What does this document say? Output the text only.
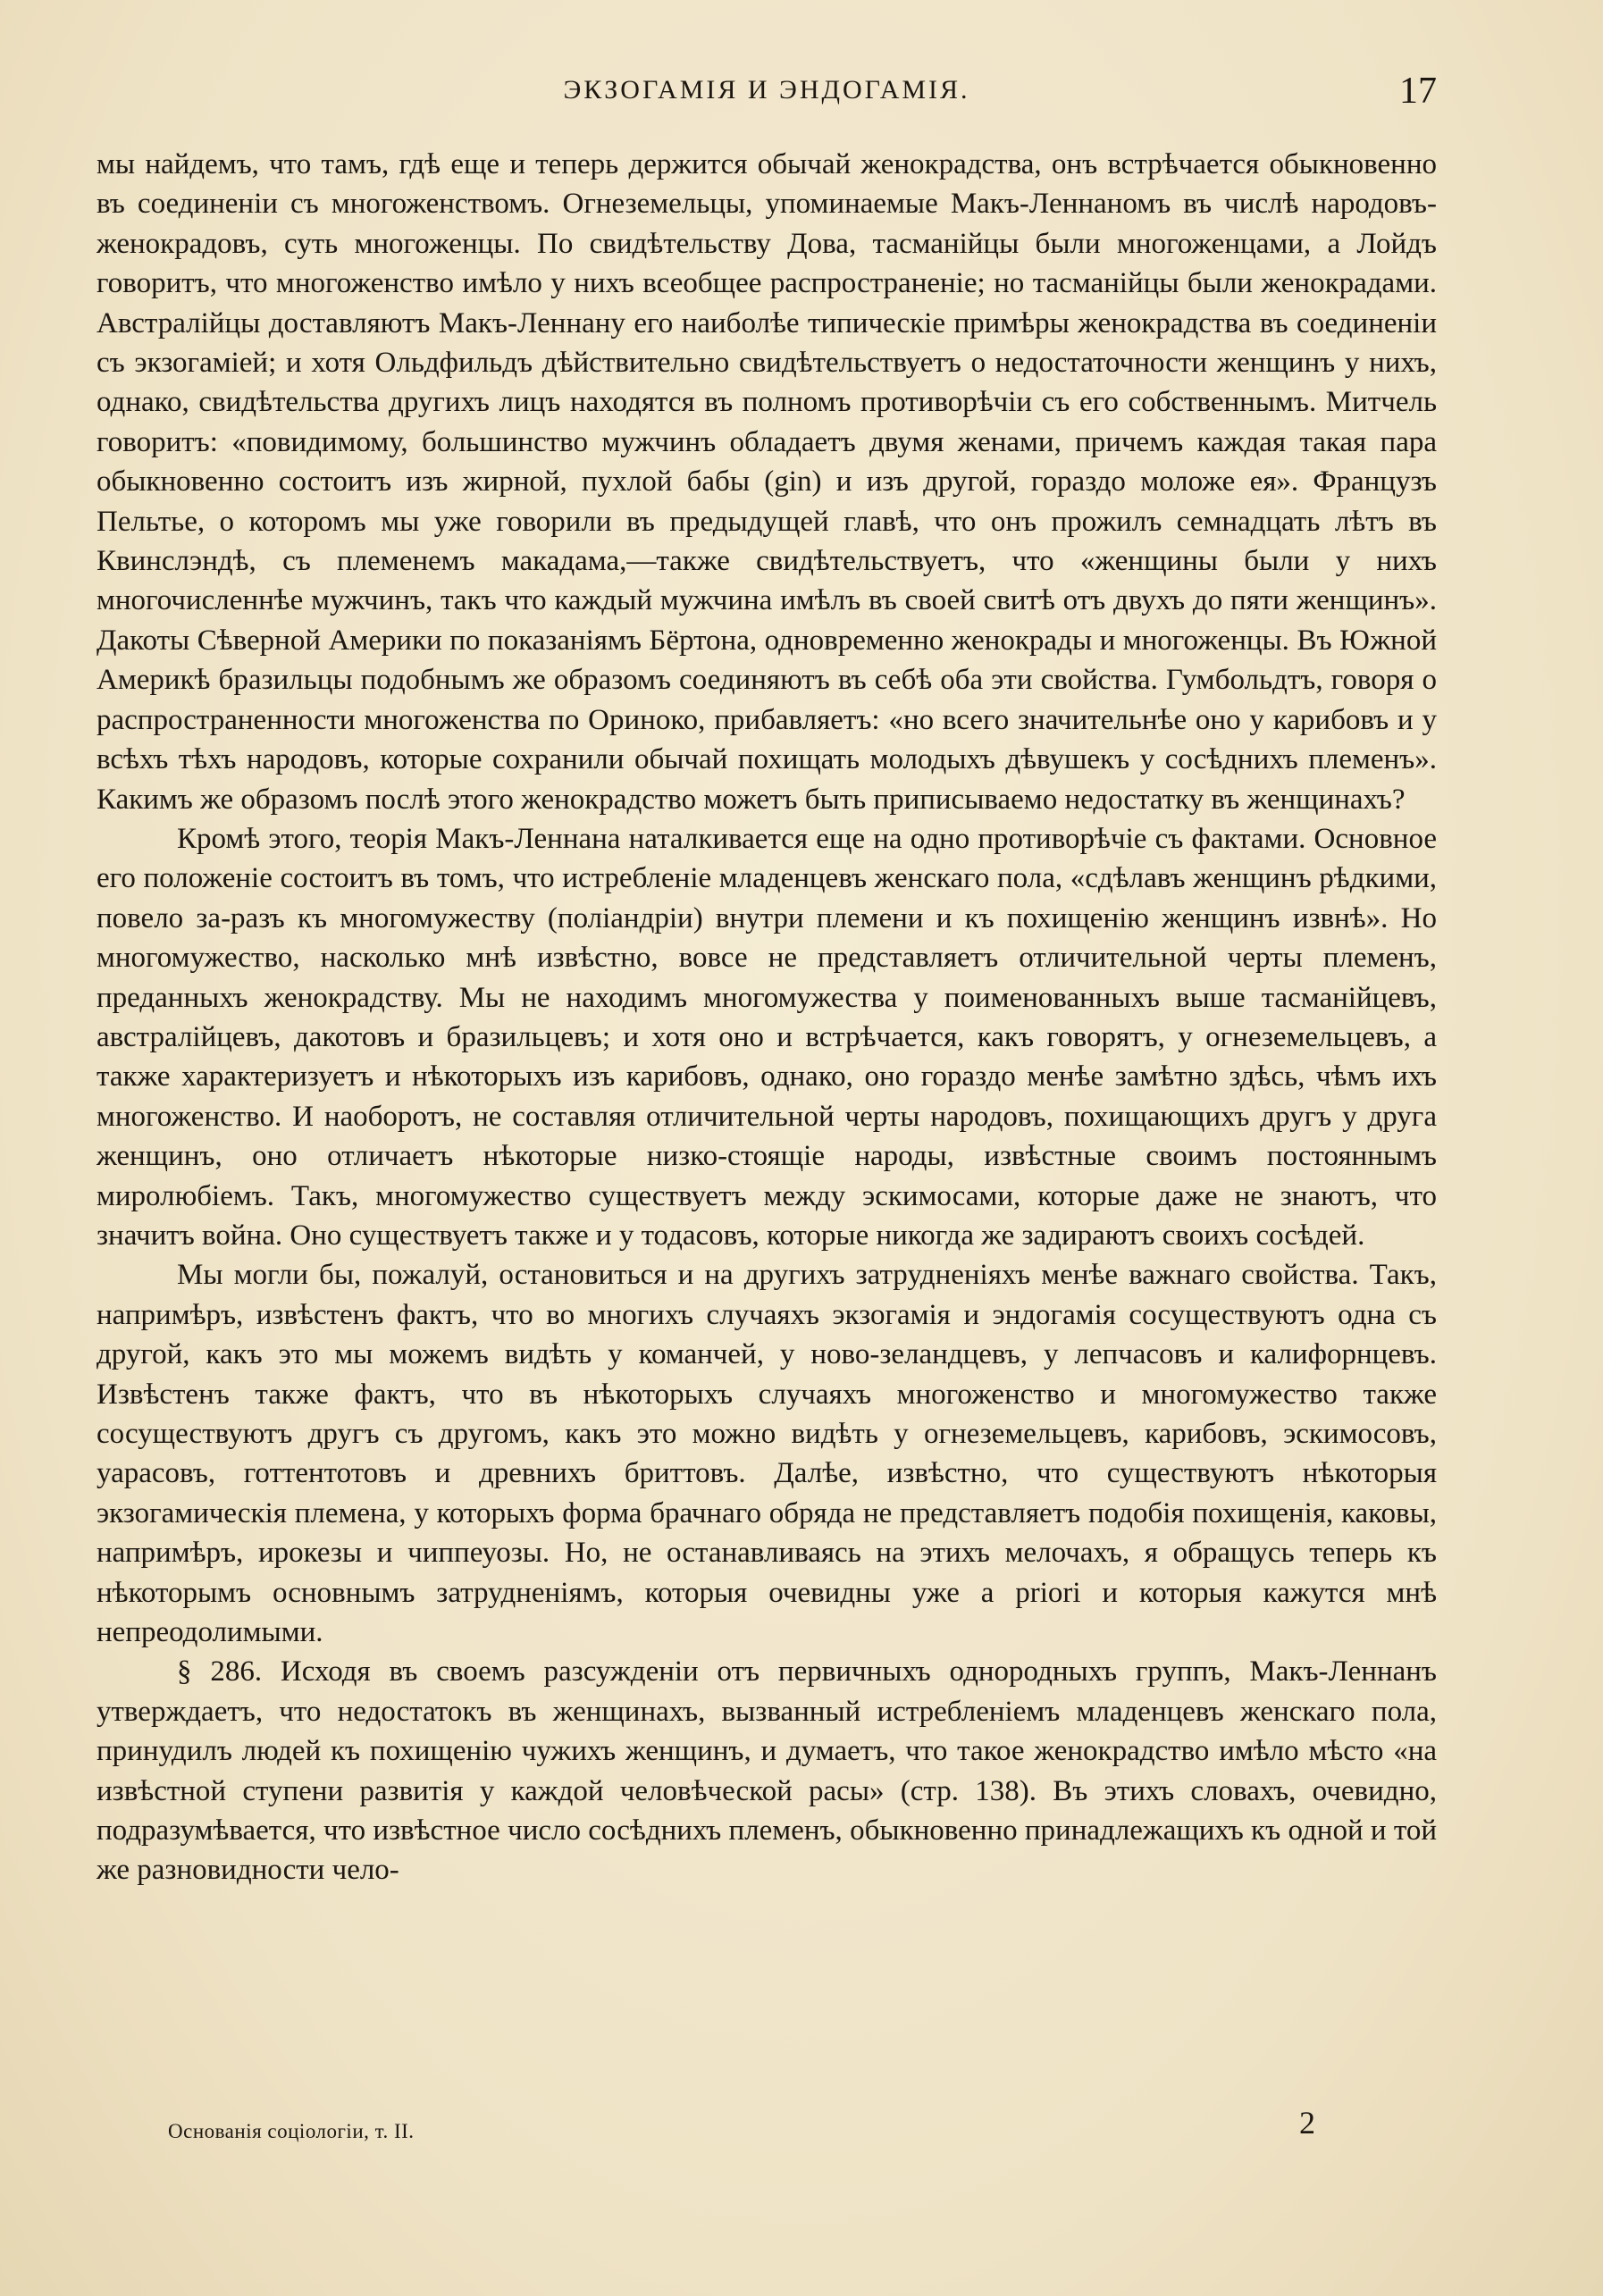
ЭКЗОГАМІЯ И ЭНДОГАМІЯ.	17

мы найдемъ, что тамъ, гдѣ еще и теперь держится обычай женокрадства, онъ встрѣчается обыкновенно въ соединеніи съ многоженствомъ. Огнеземельцы, упоминаемые Макъ-Леннаномъ въ числѣ народовъ-женокрадовъ, суть многоженцы. По свидѣтельству Дова, тасманійцы были многоженцами, а Лойдъ говоритъ, что многоженство имѣло у нихъ всеобщее распространеніе; но тасманійцы были женокрадами. Австралійцы доставляютъ Макъ-Леннану его наиболѣе типическіе примѣры женокрадства въ соединеніи съ экзогаміей; и хотя Ольдфильдъ дѣйствительно свидѣтельствуетъ о недостаточности женщинъ у нихъ, однако, свидѣтельства другихъ лицъ находятся въ полномъ противорѣчіи съ его собственнымъ. Митчель говоритъ: «повидимому, большинство мужчинъ обладаетъ двумя женами, причемъ каждая такая пара обыкновенно состоитъ изъ жирной, пухлой бабы (gin) и изъ другой, гораздо моложе ея». Французъ Пельтье, о которомъ мы уже говорили въ предыдущей главѣ, что онъ прожилъ семнадцать лѣтъ въ Квинслэндѣ, съ племенемъ макадама,—также свидѣтельствуетъ, что «женщины были у нихъ многочисленнѣе мужчинъ, такъ что каждый мужчина имѣлъ въ своей свитѣ отъ двухъ до пяти женщинъ». Дакоты Сѣверной Америки по показаніямъ Бёртона, одновременно женокрады и многоженцы. Въ Южной Америкѣ бразильцы подобнымъ же образомъ соединяютъ въ себѣ оба эти свойства. Гумбольдтъ, говоря о распространенности многоженства по Ориноко, прибавляетъ: «но всего значительнѣе оно у карибовъ и у всѣхъ тѣхъ народовъ, которые сохранили обычай похищать молодыхъ дѣвушекъ у сосѣднихъ племенъ». Какимъ же образомъ послѣ этого женокрадство можетъ быть приписываемо недостатку въ женщинахъ?

Кромѣ этого, теорія Макъ-Леннана наталкивается еще на одно противорѣчіе съ фактами. Основное его положеніе состоитъ въ томъ, что истребленіе младенцевъ женскаго пола, «сдѣлавъ женщинъ рѣдкими, повело за-разъ къ многомужеству (поліандріи) внутри племени и къ похищенію женщинъ извнѣ». Но многомужество, насколько мнѣ извѣстно, вовсе не представляетъ отличительной черты племенъ, преданныхъ женокрадству. Мы не находимъ многомужества у поименованныхъ выше тасманійцевъ, австралійцевъ, дакотовъ и бразильцевъ; и хотя оно и встрѣчается, какъ говорятъ, у огнеземельцевъ, а также характеризуетъ и нѣкоторыхъ изъ карибовъ, однако, оно гораздо менѣе замѣтно здѣсь, чѣмъ ихъ многоженство. И наоборотъ, не составляя отличительной черты народовъ, похищающихъ другъ у друга женщинъ, оно отличаетъ нѣкоторые низко-стоящіе народы, извѣстные своимъ постояннымъ миролюбіемъ. Такъ, многомужество существуетъ между эскимосами, которые даже не знаютъ, что значитъ война. Оно существуетъ также и у тодасовъ, которые никогда же задираютъ своихъ сосѣдей.

Мы могли бы, пожалуй, остановиться и на другихъ затрудненіяхъ менѣе важнаго свойства. Такъ, напримѣръ, извѣстенъ фактъ, что во многихъ случаяхъ экзогамія и эндогамія сосуществуютъ одна съ другой, какъ это мы можемъ видѣть у команчей, у ново-зеландцевъ, у лепчасовъ и калифорнцевъ. Извѣстенъ также фактъ, что въ нѣкоторыхъ случаяхъ многоженство и многомужество также сосуществуютъ другъ съ другомъ, какъ это можно видѣть у огнеземельцевъ, карибовъ, эскимосовъ, уарасовъ, готтентотовъ и древнихъ бриттовъ. Далѣе, извѣстно, что существуютъ нѣкоторыя экзогамическія племена, у которыхъ форма брачнаго обряда не представляетъ подобія похищенія, каковы, напримѣръ, ирокезы и чиппеуозы. Но, не останавливаясь на этихъ мелочахъ, я обращусь теперь къ нѣкоторымъ основнымъ затрудненіямъ, которыя очевидны уже a priori и которыя кажутся мнѣ непреодолимыми.

§ 286. Исходя въ своемъ разсужденіи отъ первичныхъ однородныхъ группъ, Макъ-Леннанъ утверждаетъ, что недостатокъ въ женщинахъ, вызванный истребленіемъ младенцевъ женскаго пола, принудилъ людей къ похищенію чужихъ женщинъ, и думаетъ, что такое женокрадство имѣло мѣсто «на извѣстной ступени развитія у каждой человѣческой расы» (стр. 138). Въ этихъ словахъ, очевидно, подразумѣвается, что извѣстное число сосѣднихъ племенъ, обыкновенно принадлежащихъ къ одной и той же разновидности чело-

Основанія соціологіи, т. II.	2
